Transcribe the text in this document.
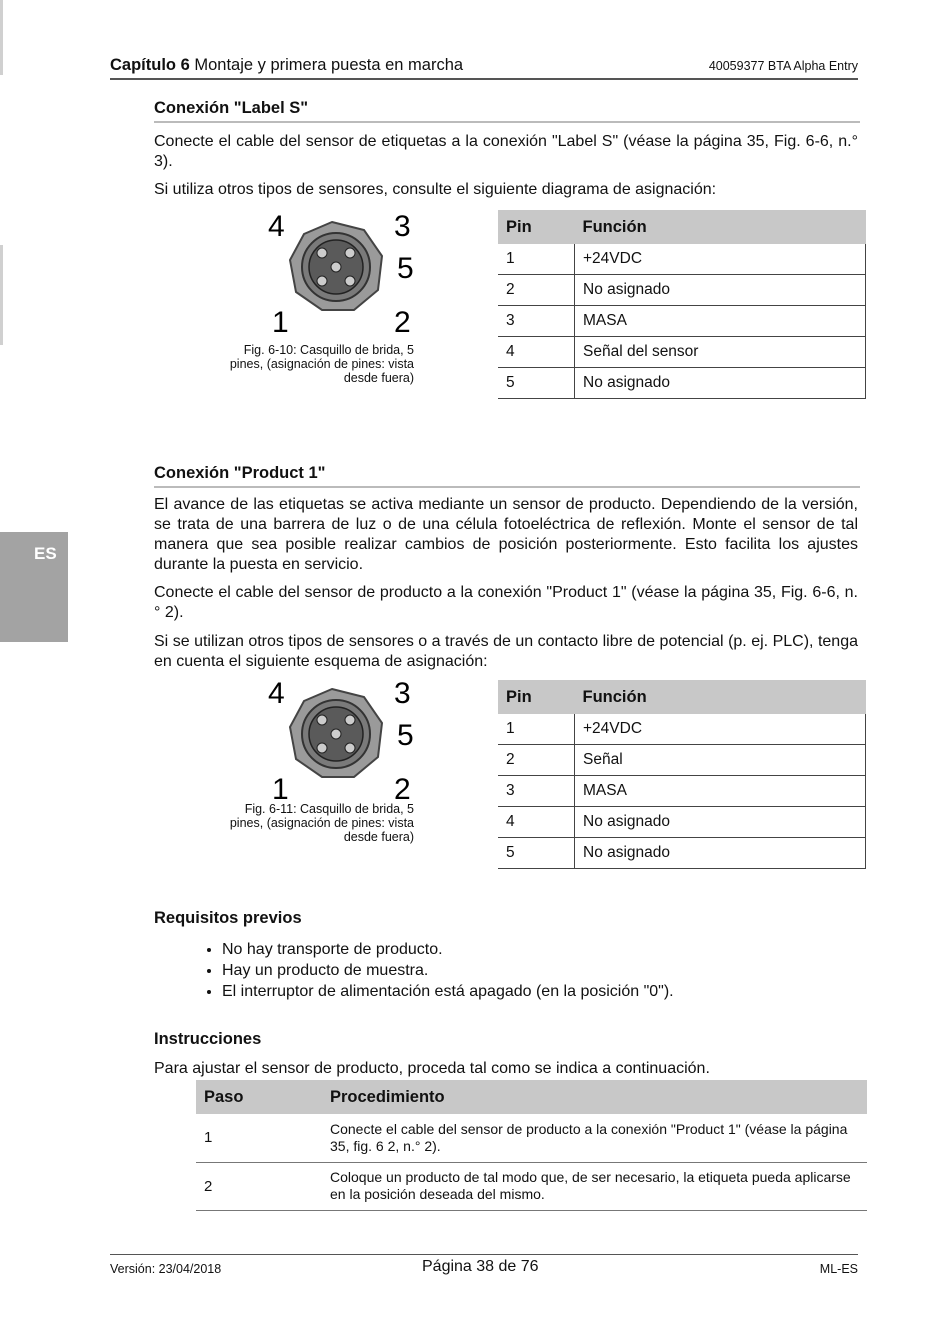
Capítulo 6 Montaje y primera puesta en marcha	40059377 BTA Alpha Entry
ES
Conexión "Label S"
Conecte el cable del sensor de etiquetas a la conexión "Label S" (véase la página 35, Fig. 6-6, n.° 3).
Si utiliza otros tipos de sensores, consulte el siguiente diagrama de asignación:
4	3
5
1	2
Fig. 6-10: Casquillo de brida, 5 pines, (asignación de pines: vista desde fuera)
Pin	Función
1	+24VDC
2	No asignado
3	MASA
4	Señal del sensor
5	No asignado
Conexión "Product 1"
El avance de las etiquetas se activa mediante un sensor de producto. Dependiendo de la versión, se trata de una barrera de luz o de una célula fotoeléctrica de reflexión. Monte el sensor de tal manera que sea posible realizar cambios de posición posteriormente. Esto facilita los ajustes durante la puesta en servicio.
Conecte el cable del sensor de producto a la conexión "Product 1" (véase la página 35, Fig. 6-6, n.° 2).
Si se utilizan otros tipos de sensores o a través de un contacto libre de potencial (p. ej. PLC), tenga en cuenta el siguiente esquema de asignación:
4	3
5
1	2
Fig. 6-11: Casquillo de brida, 5 pines, (asignación de pines: vista desde fuera)
Pin	Función
1	+24VDC
2	Señal
3	MASA
4	No asignado
5	No asignado
Requisitos previos
• No hay transporte de producto.
• Hay un producto de muestra.
• El interruptor de alimentación está apagado (en la posición "0").
Instrucciones
Para ajustar el sensor de producto, proceda tal como se indica a continuación.
Paso	Procedimiento
1	Conecte el cable del sensor de producto a la conexión "Product 1" (véase la página 35, fig. 6 2, n.° 2).
2	Coloque un producto de tal modo que, de ser necesario, la etiqueta pueda aplicarse en la posición deseada del mismo.
Versión: 23/04/2018	Página 38 de 76	ML-ES
